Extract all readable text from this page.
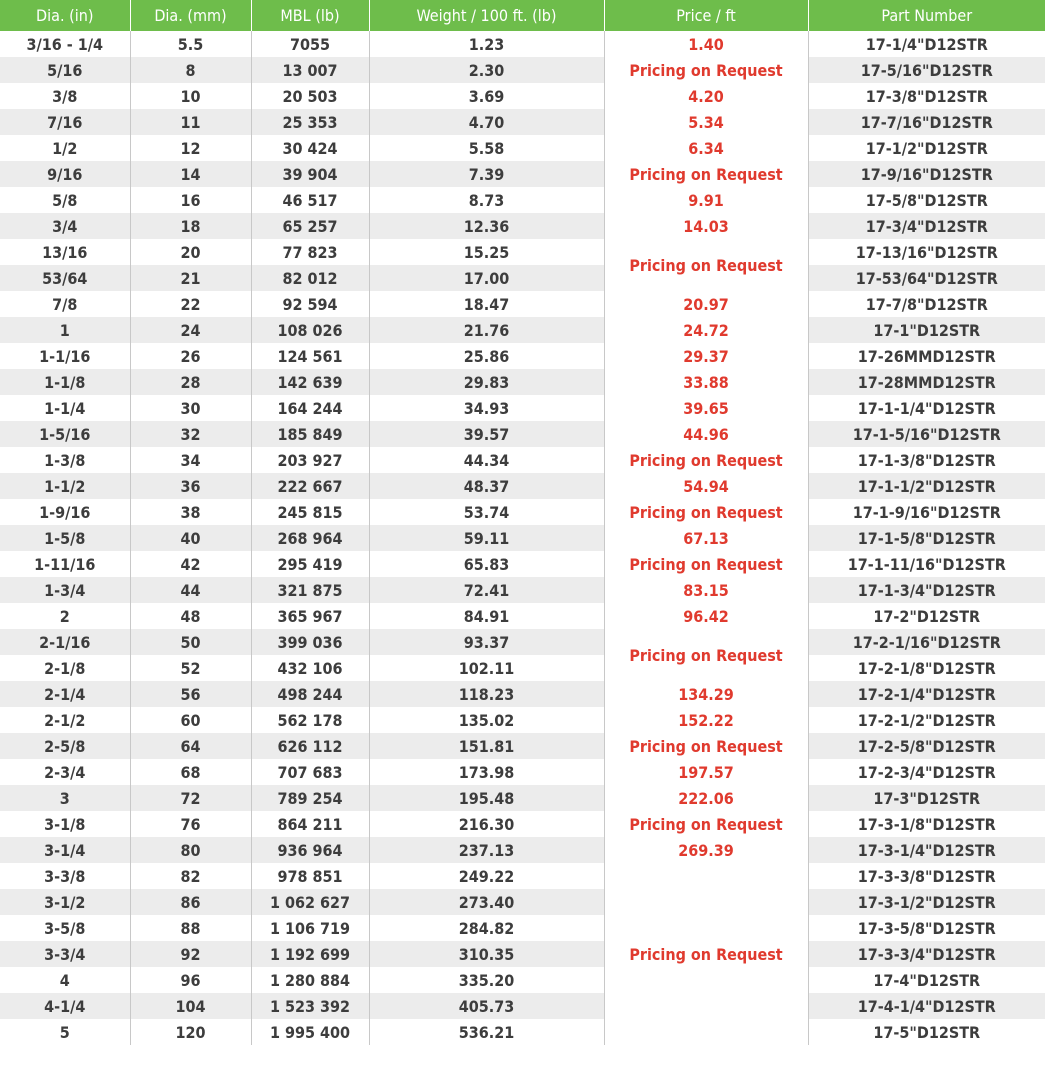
Dia. (in)	Dia. (mm)	MBL (lb)	Weight / 100 ft. (lb)	Price / ft	Part Number
3/16 - 1/4	5.5	7055	1.23	1.40	17-1/4"D12STR
5/16	8	13 007	2.30	Pricing on Request	17-5/16"D12STR
3/8	10	20 503	3.69	4.20	17-3/8"D12STR
7/16	11	25 353	4.70	5.34	17-7/16"D12STR
1/2	12	30 424	5.58	6.34	17-1/2"D12STR
9/16	14	39 904	7.39	Pricing on Request	17-9/16"D12STR
5/8	16	46 517	8.73	9.91	17-5/8"D12STR
3/4	18	65 257	12.36	14.03	17-3/4"D12STR
13/16	20	77 823	15.25	Pricing on Request	17-13/16"D12STR
53/64	21	82 012	17.00		17-53/64"D12STR
7/8	22	92 594	18.47	20.97	17-7/8"D12STR
1	24	108 026	21.76	24.72	17-1"D12STR
1-1/16	26	124 561	25.86	29.37	17-26MMD12STR
1-1/8	28	142 639	29.83	33.88	17-28MMD12STR
1-1/4	30	164 244	34.93	39.65	17-1-1/4"D12STR
1-5/16	32	185 849	39.57	44.96	17-1-5/16"D12STR
1-3/8	34	203 927	44.34	Pricing on Request	17-1-3/8"D12STR
1-1/2	36	222 667	48.37	54.94	17-1-1/2"D12STR
1-9/16	38	245 815	53.74	Pricing on Request	17-1-9/16"D12STR
1-5/8	40	268 964	59.11	67.13	17-1-5/8"D12STR
1-11/16	42	295 419	65.83	Pricing on Request	17-1-11/16"D12STR
1-3/4	44	321 875	72.41	83.15	17-1-3/4"D12STR
2	48	365 967	84.91	96.42	17-2"D12STR
2-1/16	50	399 036	93.37	Pricing on Request	17-2-1/16"D12STR
2-1/8	52	432 106	102.11		17-2-1/8"D12STR
2-1/4	56	498 244	118.23	134.29	17-2-1/4"D12STR
2-1/2	60	562 178	135.02	152.22	17-2-1/2"D12STR
2-5/8	64	626 112	151.81	Pricing on Request	17-2-5/8"D12STR
2-3/4	68	707 683	173.98	197.57	17-2-3/4"D12STR
3	72	789 254	195.48	222.06	17-3"D12STR
3-1/8	76	864 211	216.30	Pricing on Request	17-3-1/8"D12STR
3-1/4	80	936 964	237.13	269.39	17-3-1/4"D12STR
3-3/8	82	978 851	249.22	Pricing on Request	17-3-3/8"D12STR
3-1/2	86	1 062 627	273.40		17-3-1/2"D12STR
3-5/8	88	1 106 719	284.82		17-3-5/8"D12STR
3-3/4	92	1 192 699	310.35		17-3-3/4"D12STR
4	96	1 280 884	335.20		17-4"D12STR
4-1/4	104	1 523 392	405.73		17-4-1/4"D12STR
5	120	1 995 400	536.21		17-5"D12STR
